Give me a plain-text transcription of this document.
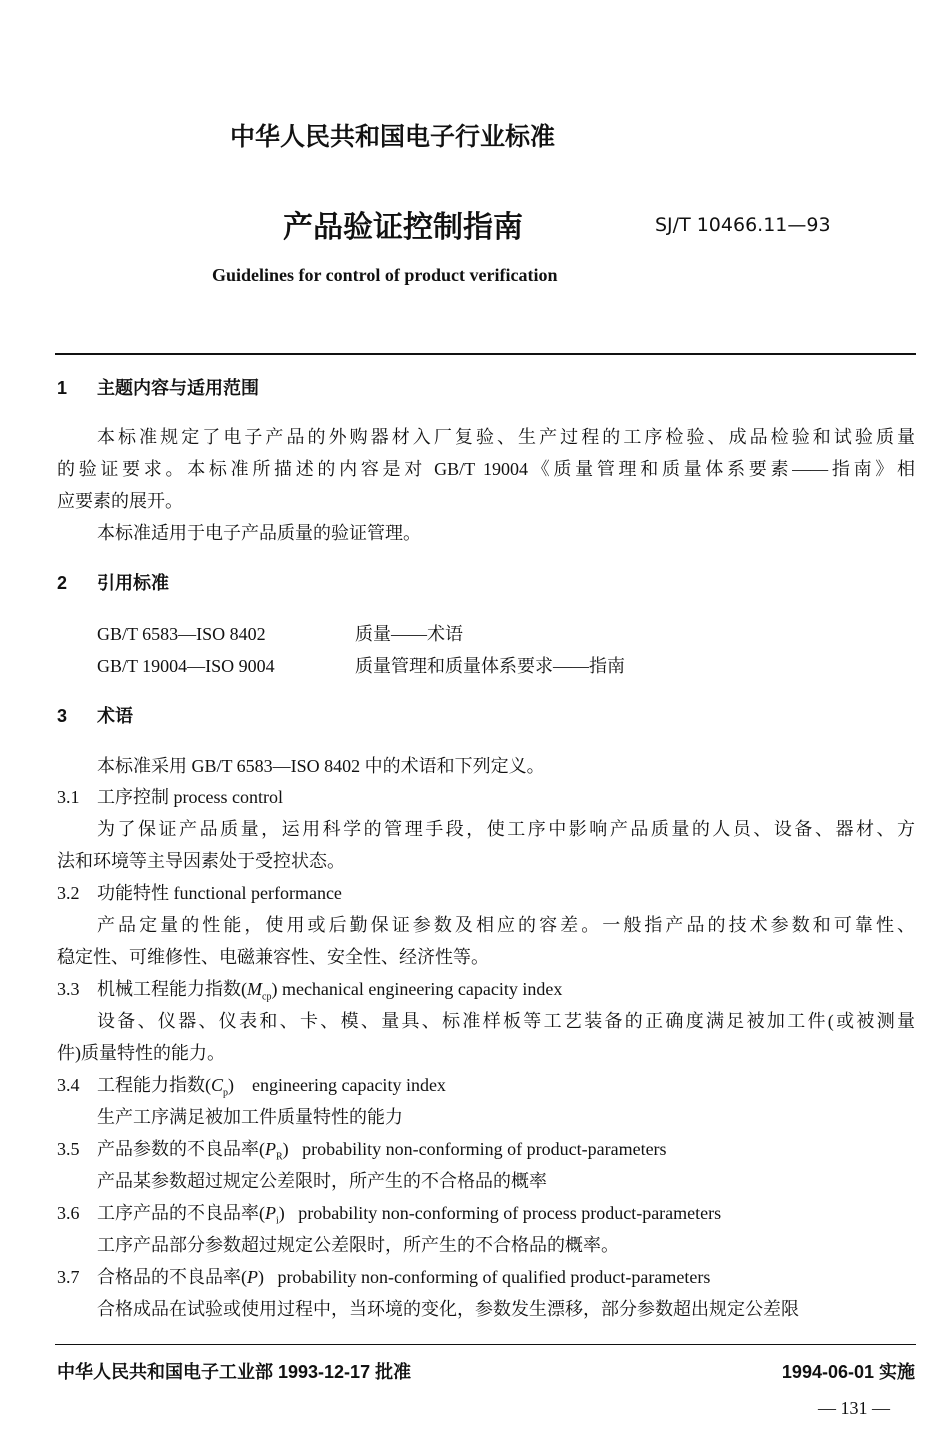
中华人民共和国电子行业标准
产品验证控制指南	SJ/T 10466.11—93
Guidelines for control of product verification
1 主题内容与适用范围
本标准规定了电子产品的外购器材入厂复验、生产过程的工序检验、成品检验和试验质量
的验证要求。本标准所描述的内容是对 GB/T 19004《质量管理和质量体系要素——指南》相
应要素的展开。
本标准适用于电子产品质量的验证管理。
2 引用标准
GB/T 6583—ISO 8402	质量——术语
GB/T 19004—ISO 9004	质量管理和质量体系要求——指南
3 术语
本标准采用 GB/T 6583—ISO 8402 中的术语和下列定义。
3.1 工序控制 process control
为了保证产品质量，运用科学的管理手段，使工序中影响产品质量的人员、设备、器材、方
法和环境等主导因素处于受控状态。
3.2 功能特性 functional performance
产品定量的性能，使用或后勤保证参数及相应的容差。一般指产品的技术参数和可靠性、
稳定性、可维修性、电磁兼容性、安全性、经济性等。
3.3 机械工程能力指数$(M_{cp})$ mechanical engineering capacity index
设备、仪器、仪表和、卡、模、量具、标准样板等工艺装备的正确度满足被加工件(或被测量
件)质量特性的能力。
3.4 工程能力指数$(C_p)$ engineering capacity index
生产工序满足被加工件质量特性的能力
3.5 产品参数的不良品率$(P_R)$ probability non-conforming of product-parameters
产品某参数超过规定公差限时，所产生的不合格品的概率
3.6 工序产品的不良品率$(P_i)$ probability non-conforming of process product-parameters
工序产品部分参数超过规定公差限时，所产生的不合格品的概率。
3.7 合格品的不良品率(P) probability non-conforming of qualified product-parameters
合格成品在试验或使用过程中，当环境的变化，参数发生漂移，部分参数超出规定公差限
中华人民共和国电子工业部 1993-12-17 批准	1994-06-01 实施
— 131 —
